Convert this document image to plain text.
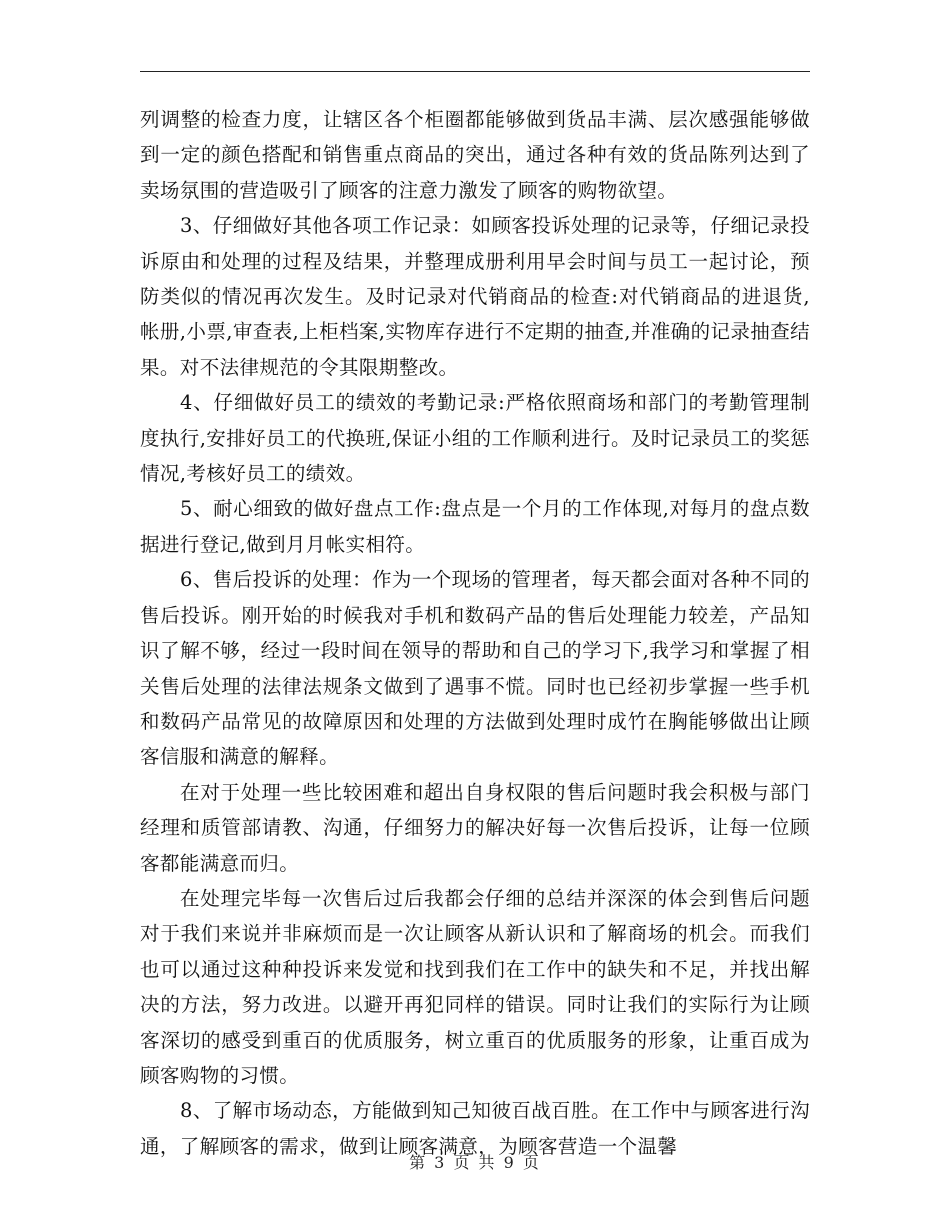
列调整的检查力度，让辖区各个柜圈都能够做到货品丰满、层次感强能够做到一定的颜色搭配和销售重点商品的突出，通过各种有效的货品陈列达到了卖场氛围的营造吸引了顾客的注意力激发了顾客的购物欲望。

3、仔细做好其他各项工作记录：如顾客投诉处理的记录等，仔细记录投诉原由和处理的过程及结果，并整理成册利用早会时间与员工一起讨论，预防类似的情况再次发生。及时记录对代销商品的检查:对代销商品的进退货,帐册,小票,审查表,上柜档案,实物库存进行不定期的抽查,并准确的记录抽查结果。对不法律规范的令其限期整改。

4、仔细做好员工的绩效的考勤记录:严格依照商场和部门的考勤管理制度执行,安排好员工的代换班,保证小组的工作顺利进行。及时记录员工的奖惩情况,考核好员工的绩效。

5、耐心细致的做好盘点工作:盘点是一个月的工作体现,对每月的盘点数据进行登记,做到月月帐实相符。

6、售后投诉的处理：作为一个现场的管理者，每天都会面对各种不同的售后投诉。刚开始的时候我对手机和数码产品的售后处理能力较差，产品知识了解不够，经过一段时间在领导的帮助和自己的学习下,我学习和掌握了相关售后处理的法律法规条文做到了遇事不慌。同时也已经初步掌握一些手机和数码产品常见的故障原因和处理的方法做到处理时成竹在胸能够做出让顾客信服和满意的解释。

在对于处理一些比较困难和超出自身权限的售后问题时我会积极与部门经理和质管部请教、沟通，仔细努力的解决好每一次售后投诉，让每一位顾客都能满意而归。

在处理完毕每一次售后过后我都会仔细的总结并深深的体会到售后问题对于我们来说并非麻烦而是一次让顾客从新认识和了解商场的机会。而我们也可以通过这种种投诉来发觉和找到我们在工作中的缺失和不足，并找出解决的方法，努力改进。以避开再犯同样的错误。同时让我们的实际行为让顾客深切的感受到重百的优质服务，树立重百的优质服务的形象，让重百成为顾客购物的习惯。

8、了解市场动态，方能做到知己知彼百战百胜。在工作中与顾客进行沟通，了解顾客的需求，做到让顾客满意，为顾客营造一个温馨

第 3 页 共 9 页
